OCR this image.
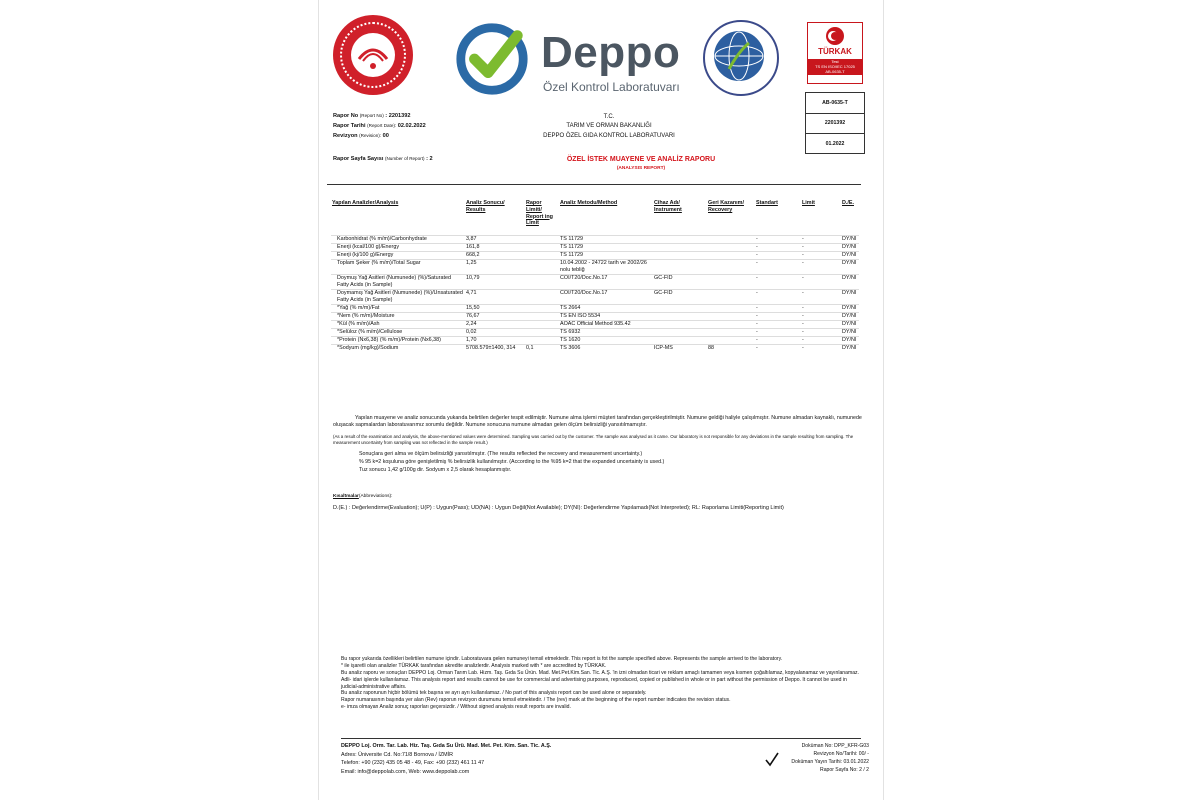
Deppo
Özel Kontrol Laboratuvarı
TÜRKAK
Test
TS EN ISO/IEC 17025
AB-0635-T
AB-0635-T
2201392
01.2022
Rapor No (Report No) : 2201392
Rapor Tarihi (Report Date): 02.02.2022
Revizyon (Revision): 00
Rapor Sayfa Sayısı (Number of Report) : 2
T.C.
TARIM VE ORMAN BAKANLIĞI
DEPPO ÖZEL GIDA KONTROL LABORATUVARI
ÖZEL İSTEK MUAYENE VE ANALİZ RAPORU
(ANALYSIS REPORT)
Yapılan Analizler/Analysis	Analiz Sonucu/ Results	Rapor Limiti/ Report ing Limit	Analiz Metodu/Method	Cihaz Adı/ Instrument	Geri Kazanım/ Recovery	Standart	Limit	D./E.
Karbonhidrat (% m/m)/Carbonhydrate	3,87		TS 11729			-	-	DY/NI
Enerji (kcal/100 g)/Energy	161,8		TS 11729			-	-	DY/NI
Enerji (kj/100 g)/Energy	668,2		TS 11729			-	-	DY/NI
Toplam Şeker (% m/m)/Total Sugar	1,25		10.04.2002 - 24722 tarih ve 2002/26 nolu tebliğ			-	-	DY/NI
Doymuş Yağ Asitleri (Numunede) (%)/Saturated Fatty Acids (in Sample)	10,79		COI/T20/Doc.No.17	GC-FID		-	-	DY/NI
Doymamış Yağ Asitleri (Numunede) (%)/Unsaturated Fatty Acids (in Sample)	4,71		COI/T20/Doc.No.17	GC-FID		-	-	DY/NI
*Yağ (% m/m)/Fat	15,50		TS 2664			-	-	DY/NI
*Nem (% m/m)/Moisture	76,67		TS EN ISO 5534			-	-	DY/NI
*Kül (% m/m)/Ash	2,24		AOAC Official Method 935.42			-	-	DY/NI
*Selüloz (% m/m)/Cellulose	0,02		TS 6932			-	-	DY/NI
*Protein (Nx6,38) (% m/m)/Protein (Nx6,38)	1,70		TS 1620			-	-	DY/NI
*Sodyum (mg/kg)/Sodium	5708.579±1400, 314	0,1	TS 3606	ICP-MS	88	-	-	DY/NI
Yapılan muayene ve analiz sonucunda yukarıda belirtilen değerler tespit edilmiştir. Numune alma işlemi müşteri tarafından gerçekleştirilmiştir. Numune geldiği haliyle çalışılmıştır. Numune almadan kaynaklı, numunede oluşacak sapmalardan laboratuvarımız sorumlu değildir. Numune sonucuna numune almadan gelen ölçüm belirsizliği yansıtılmamıştır.
(As a result of the examination and analysis, the above-mentioned values were determined. Sampling was carried out by the customer. The sample was analysed as it came. Our laboratory is not responsible for any deviations in the sample resulting from sampling. The measurement uncertainty from sampling was not reflected in the sample result.)
Sonuçlara geri alma ve ölçüm belirsizliği yansıtılmıştır. (The results reflected the recovery and measurement uncertainty.)
% 95 k=2 koşuluna göre genişletilmiş % belirsizlik kullanılmıştır. (According to the %95 k=2 that the expanded uncertainty is used.)
Tuz sonucu 1,42 g/100g dir. Sodyum x 2,5 olarak hesaplanmıştır.
Kısaltmalar(Abbreviations):
D.(E.) : Değerlendirme(Evaluation); U(P) : Uygun(Pass); UD(NA) : Uygun Değil(Not Available); DY(NI): Değerlendirme Yapılamadı(Not Interpreted); RL: Raporlama Limiti(Reporting Limit)
Bu rapor yukarıda özellikleri belirtilen numune içindir. Laboratuvara gelen numuneyi temsil etmektedir. This report is fot the sample specified above. Represents the sample arrived to the laboratory.
* ile işaretli olan analizler TÜRKAK tarafından akredite analizlerdir. Analysis marked with * are accredited by TÜRKAK.
Bu analiz raporu ve sonuçları DEPPO Loj. Orman Tarım Lab. Hizm. Taş. Gıda Su Ürün. Mad. Met.Pet.Kim.San. Tic. A.Ş. 'in izni olmadan ticari ve reklam amaçlı tamamen veya kısmen çoğaltılamaz, kopyalanamaz ve yayınlanamaz. Adli- idari işlerde kullanılamaz. This analysis report and results cannot be use for commercial and advertising purposes, reproduced, copied or published in whole or in part without the permission of Deppo. It cannot be used in judicial-administrative affairs.
Bu analiz raporunun hiçbir bölümü tek başına ve ayrı ayrı kullanılamaz. / No part of this analysis report can be used alone or separately.
Rapor numarasının başında yer alan (Rev) raporun revizyon durumunu temsil etmektedir. / The (rev) mark at the beginning of the report number indicates the revision status.
e- imza olmayan Analiz sonuç raporları geçersizdir. / Without signed analysis result reports are invalid.
DEPPO Loj. Orm. Tar. Lab. Hiz. Taş. Gıda Su Ürü. Mad. Met. Pet. Kim. San. Tic. A.Ş.
Adres: Üniversite Cd. No:71/8 Bornova / İZMİR
Telefon: +90 (232) 435 05 48 - 49, Fax: +90 (232) 461 11 47
Email: info@deppolab.com, Web: www.deppolab.com
Doküman No: DPP_KFR-G03
Revizyon No/Tarihi: 00/ -
Doküman Yayın Tarihi: 03.01.2022
Rapor Sayfa No: 2 / 2
